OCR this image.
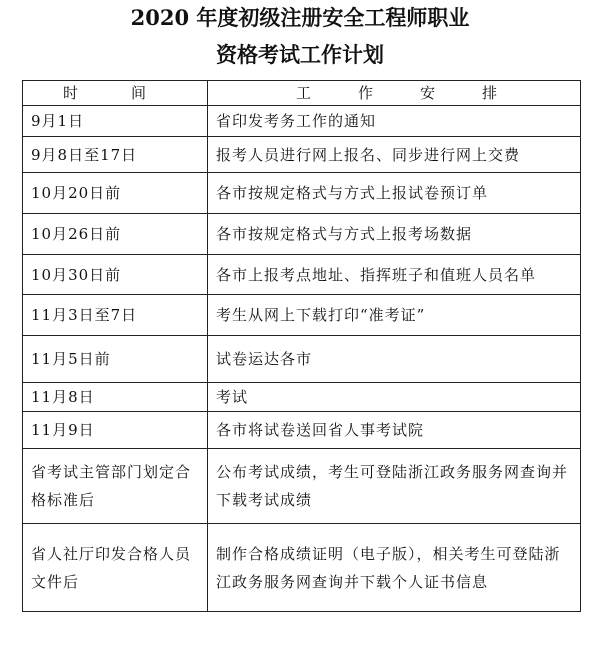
2020 年度初级注册安全工程师职业
资格考试工作计划
时 间	工 作 安 排

9月1日	省印发考务工作的通知
9月8日至17日	报考人员进行网上报名、同步进行网上交费
10月20日前	各市按规定格式与方式上报试卷预订单
10月26日前	各市按规定格式与方式上报考场数据
10月30日前	各市上报考点地址、指挥班子和值班人员名单
11月3日至7日	考生从网上下载打印“准考证”
11月5日前	试卷运达各市
11月8日	考试
11月9日	各市将试卷送回省人事考试院
省考试主管部门划定合格标准后	公布考试成绩，考生可登陆浙江政务服务网查询并下载考试成绩
省人社厅印发合格人员文件后	制作合格成绩证明（电子版），相关考生可登陆浙江政务服务网查询并下载个人证书信息
